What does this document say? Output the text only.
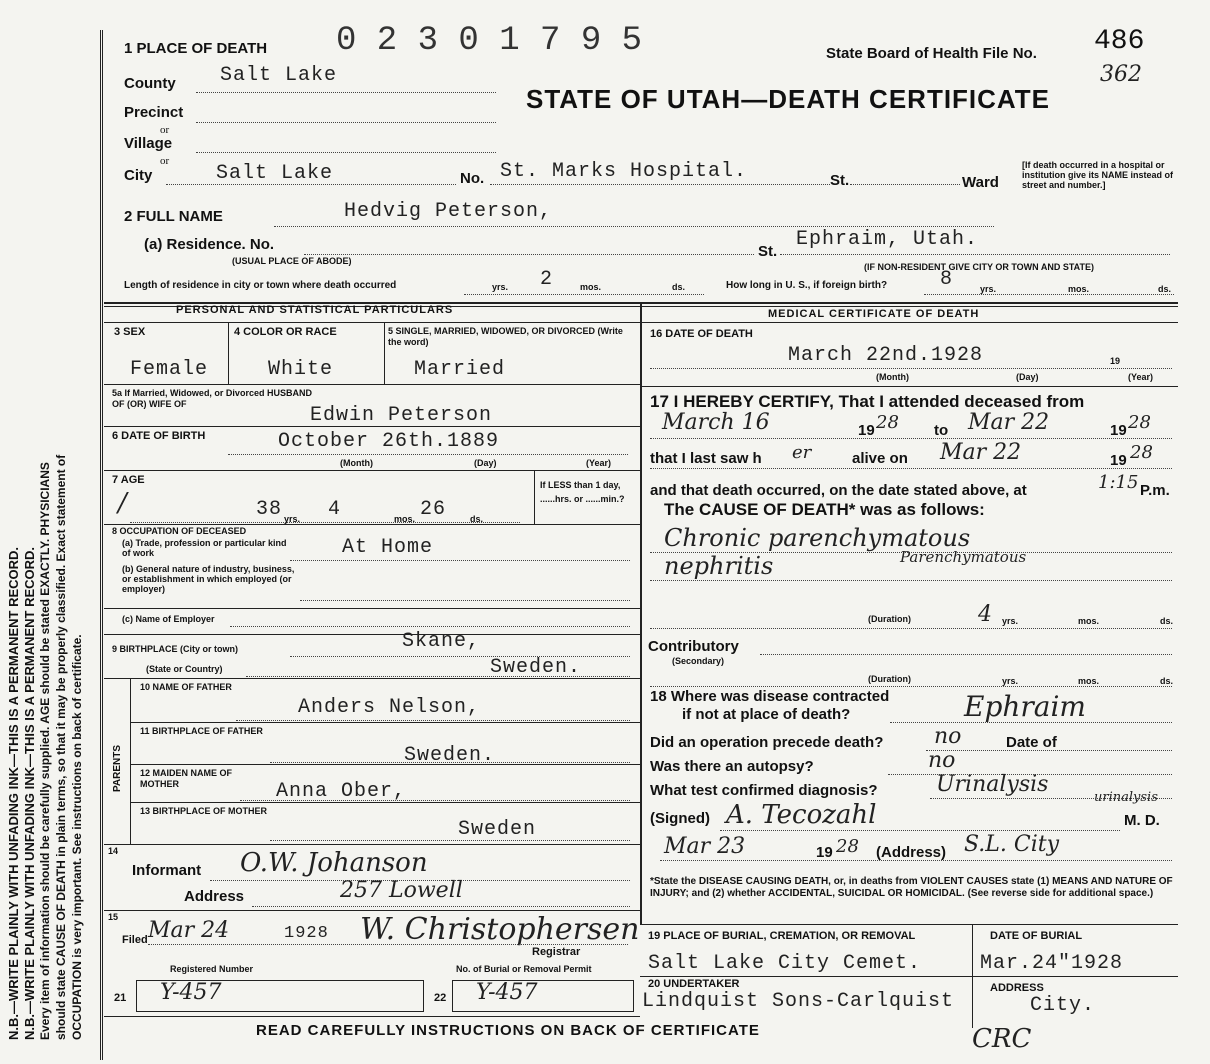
N.B.—WRITE PLAINLY WITH UNFADING INK—THIS IS A PERMANENT RECORD. N.B.—WRITE PLAINLY WITH UNFADING INK—THIS IS A PERMANENT RECORD. Every item of information should be carefully supplied. AGE should be stated EXACTLY. PHYSICIANS should state CAUSE OF DEATH in plain terms, so that it may be properly classified. Exact statement of OCCUPATION is very important. See instructions on back of certificate.
1 PLACE OF DEATH 0 2 3 0 1 7 9 5	State Board of Health File No. 486
362
STATE OF UTAH—DEATH CERTIFICATE
County Salt Lake
Precinct
or
Village
or
City	Salt Lake	No. St. Marks Hospital.	St.	Ward
[If death occurred in a hospital or institution give its NAME instead of street and number.]
2 FULL NAME	Hedvig Peterson,
(a) Residence. No.
(USUAL PLACE OF ABODE)
St.
Ephraim, Utah.
(IF NON-RESIDENT GIVE CITY OR TOWN AND STATE)
Length of residence in city or town where death occurred	yrs. 2	mos.	ds.	How long in U. S., if foreign birth?	8	yrs.	mos.	ds.
PERSONAL AND STATISTICAL PARTICULARS	MEDICAL CERTIFICATE OF DEATH
3 SEX
Female
4 COLOR OR RACE
White
5 SINGLE, MARRIED, WIDOWED, OR DIVORCED (Write the word)
Married
5a If Married, Widowed, or Divorced HUSBAND OF (OR) WIFE OF	Edwin Peterson
6 DATE OF BIRTH	October 26th.1889
(Month)	(Day)	(Year)
7 AGE
/	38 yrs. 4	mos. 26	ds.
If LESS than 1 day, ......hrs. or ......min.?
8 OCCUPATION OF DECEASED
(a) Trade, profession or particular kind of work
(b) General nature of industry, business, or establishment in which employed (or employer)
At Home
(c) Name of Employer
9 BIRTHPLACE (City or town)	Skane,
(State or Country)	Sweden.
PARENTS
10 NAME OF FATHER
Anders Nelson,
11 BIRTHPLACE OF FATHER
Sweden.
12 MAIDEN NAME OF MOTHER	Anna Ober,
13 BIRTHPLACE OF MOTHER
Sweden
14
Informant O.W. Johanson
Address	257 Lowell
15
Filed Mar 24	1928 W. Christophersen
Registrar
Registered Number	No. of Burial or Removal Permit
21 Y-457	22 Y-457
16 DATE OF DEATH
March 22nd.1928	19
(Month)	(Day)	(Year)
17 I HEREBY CERTIFY, That I attended deceased from
March 16	19 28 to Mar 22	19 28
that I last saw h er	alive on Mar 22	19 28
and that death occurred, on the date stated above, at	1:15 P.m.
The CAUSE OF DEATH* was as follows:
Chronic parenchymatous
nephritis	Parenchymatous
(Duration)	4 yrs.	mos.	ds.
Contributory
(Secondary)
(Duration)	yrs.	mos.	ds.
18 Where was disease contracted
if not at place of death?	Ephraim
Did an operation precede death? no	Date of
Was there an autopsy?	no
What test confirmed diagnosis?	Urinalysis
urinalysis
(Signed) A. Tecozahl	M. D.
Mar 23	19 28 (Address) S.L. City
*State the DISEASE CAUSING DEATH, or, in deaths from VIOLENT CAUSES state (1) MEANS AND NATURE OF INJURY; and (2) whether ACCIDENTAL, SUICIDAL OR HOMICIDAL. (See reverse side for additional space.)
19 PLACE OF BURIAL, CREMATION, OR REMOVAL
Salt Lake City Cemet.
DATE OF BURIAL
Mar.24"1928
20 UNDERTAKER
Lindquist Sons-Carlquist
ADDRESS
City.
READ CAREFULLY INSTRUCTIONS ON BACK OF CERTIFICATE	CRC
